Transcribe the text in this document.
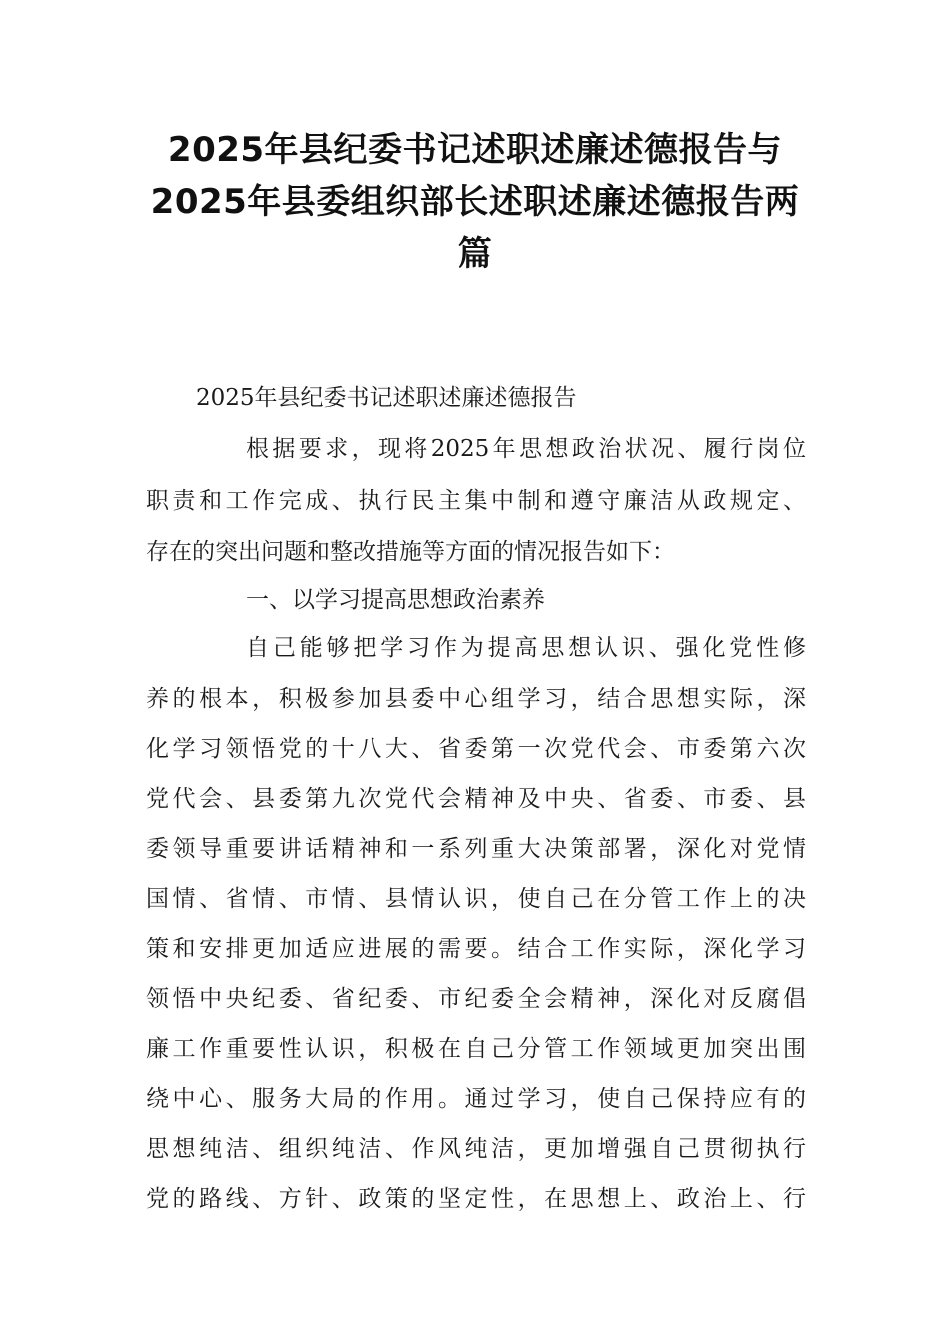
2025年县纪委书记述职述廉述德报告与
2025年县委组织部长述职述廉述德报告两
篇
2025年县纪委书记述职述廉述德报告
根据要求，现将2025年思想政治状况、履行岗位
职责和工作完成、执行民主集中制和遵守廉洁从政规定、
存在的突出问题和整改措施等方面的情况报告如下：
一、以学习提高思想政治素养
自己能够把学习作为提高思想认识、强化党性修
养的根本，积极参加县委中心组学习，结合思想实际，深
化学习领悟党的十八大、省委第一次党代会、市委第六次
党代会、县委第九次党代会精神及中央、省委、市委、县
委领导重要讲话精神和一系列重大决策部署，深化对党情
国情、省情、市情、县情认识，使自己在分管工作上的决
策和安排更加适应进展的需要。结合工作实际，深化学习
领悟中央纪委、省纪委、市纪委全会精神，深化对反腐倡
廉工作重要性认识，积极在自己分管工作领域更加突出围
绕中心、服务大局的作用。通过学习，使自己保持应有的
思想纯洁、组织纯洁、作风纯洁，更加增强自己贯彻执行
党的路线、方针、政策的坚定性，在思想上、政治上、行
